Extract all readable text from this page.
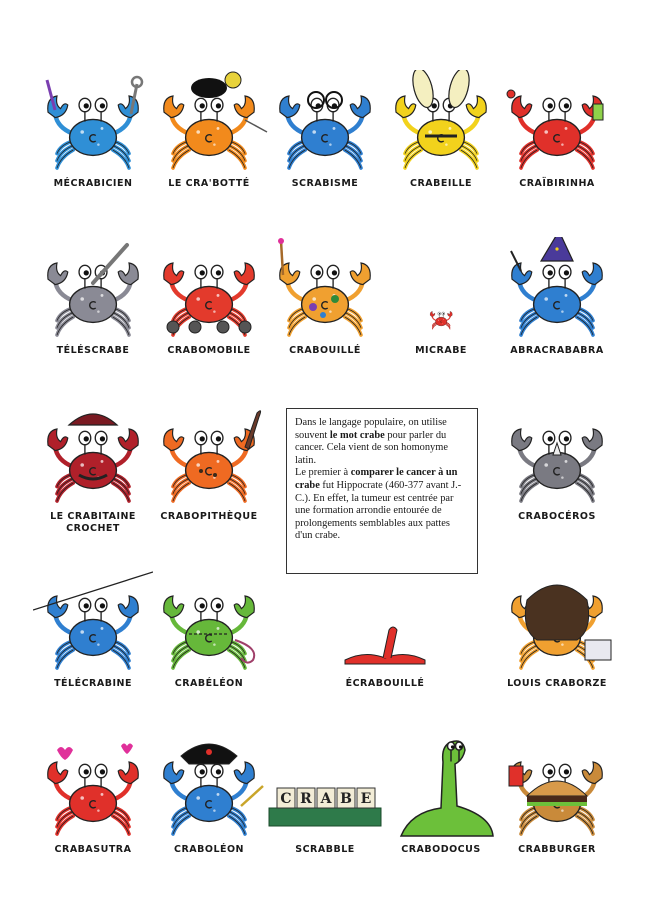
Dans le langage populaire, on utilise souvent le mot crabe pour parler du cancer. Cela vient de son homonyme latin.

Le premier à comparer le cancer à un crabe fut Hippocrate (460-377 avant J.-C.). En effet, la tumeur est centrée par une formation arrondie entourée de prolongements semblables aux pattes d'un crabe.

MÉCRABICIEN	LE CRA'BOTTÉ	SCRABISME	CRABEILLE	CRAÏBIRINHA
TÉLÉSCRABE	CRABOMOBILE	CRABOUILLÉ	MICRABE	ABRACRABABRA
LE CRABITAINE CROCHET
CRABOPITHÈQUE	CRABOCÉROS
TÉLÉCRABINE	CRABÉLÉON	ÉCRABOUILLÉ	LOUIS CRABORZE
CRABASUTRA	CRABOLÉON
C R A B E
SCRABBLE	CRABODOCUS	CRABBURGER
